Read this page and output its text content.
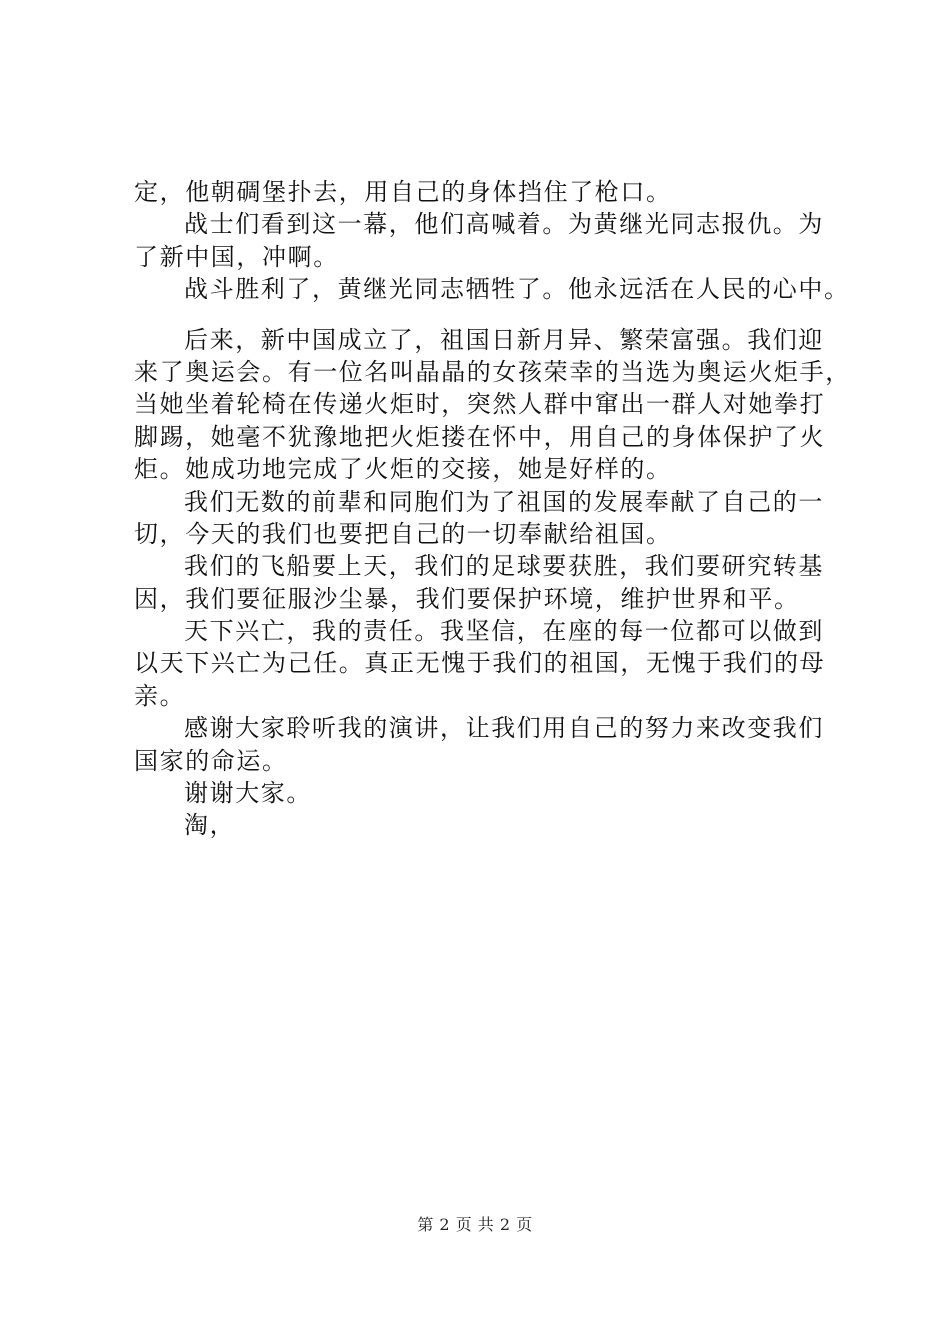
定，他朝碉堡扑去，用自己的身体挡住了枪口。
战士们看到这一幕，他们高喊着。为黄继光同志报仇。为
了新中国，冲啊。
战斗胜利了，黄继光同志牺牲了。他永远活在人民的心中。
后来，新中国成立了，祖国日新月异、繁荣富强。我们迎
来了奥运会。有一位名叫晶晶的女孩荣幸的当选为奥运火炬手，
当她坐着轮椅在传递火炬时，突然人群中窜出一群人对她拳打
脚踢，她毫不犹豫地把火炬搂在怀中，用自己的身体保护了火
炬。她成功地完成了火炬的交接，她是好样的。
我们无数的前辈和同胞们为了祖国的发展奉献了自己的一
切，今天的我们也要把自己的一切奉献给祖国。
我们的飞船要上天，我们的足球要获胜，我们要研究转基
因，我们要征服沙尘暴，我们要保护环境，维护世界和平。
天下兴亡，我的责任。我坚信，在座的每一位都可以做到
以天下兴亡为己任。真正无愧于我们的祖国，无愧于我们的母
亲。
感谢大家聆听我的演讲，让我们用自己的努力来改变我们
国家的命运。
谢谢大家。
淘，
第 2 页 共 2 页
